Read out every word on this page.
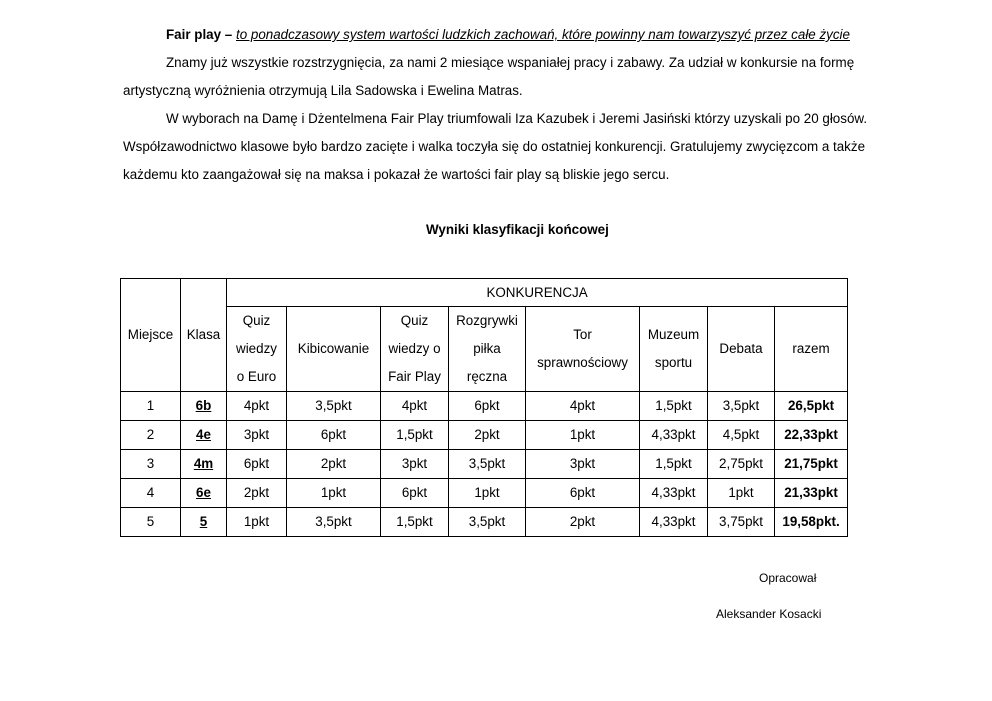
Fair play – to ponadczasowy system wartości ludzkich zachowań, które powinny nam towarzyszyć przez całe życie
Znamy już wszystkie rozstrzygnięcia, za nami 2 miesiące wspaniałej pracy i zabawy. Za udział w konkursie na formę
artystyczną wyróżnienia otrzymują Lila Sadowska i Ewelina Matras.
W wyborach na Damę i Dżentelmena Fair Play triumfowali Iza Kazubek i Jeremi Jasiński którzy uzyskali po 20 głosów.
Współzawodnictwo klasowe było bardzo zacięte i walka toczyła się do ostatniej konkurencji. Gratulujemy zwycięzcom a także
każdemu kto zaangażował się na maksa i pokazał że wartości fair play są bliskie jego sercu.
Wyniki klasyfikacji końcowej
Miejsce	Klasa	KONKURENCJA							

		Quiz
wiedzy
o Euro	Kibicowanie	Quiz
wiedzy o
Fair Play	Rozgrywki
piłka
ręczna	Tor
sprawnościowy	Muzeum
sportu	Debata	razem
1	6b	4pkt	3,5pkt	4pkt	6pkt	4pkt	1,5pkt	3,5pkt	26,5pkt
2	4e	3pkt	6pkt	1,5pkt	2pkt	1pkt	4,33pkt	4,5pkt	22,33pkt
3	4m	6pkt	2pkt	3pkt	3,5pkt	3pkt	1,5pkt	2,75pkt	21,75pkt
4	6e	2pkt	1pkt	6pkt	1pkt	6pkt	4,33pkt	1pkt	21,33pkt
5	5	1pkt	3,5pkt	1,5pkt	3,5pkt	2pkt	4,33pkt	3,75pkt	19,58pkt.
Opracował
Aleksander Kosacki
